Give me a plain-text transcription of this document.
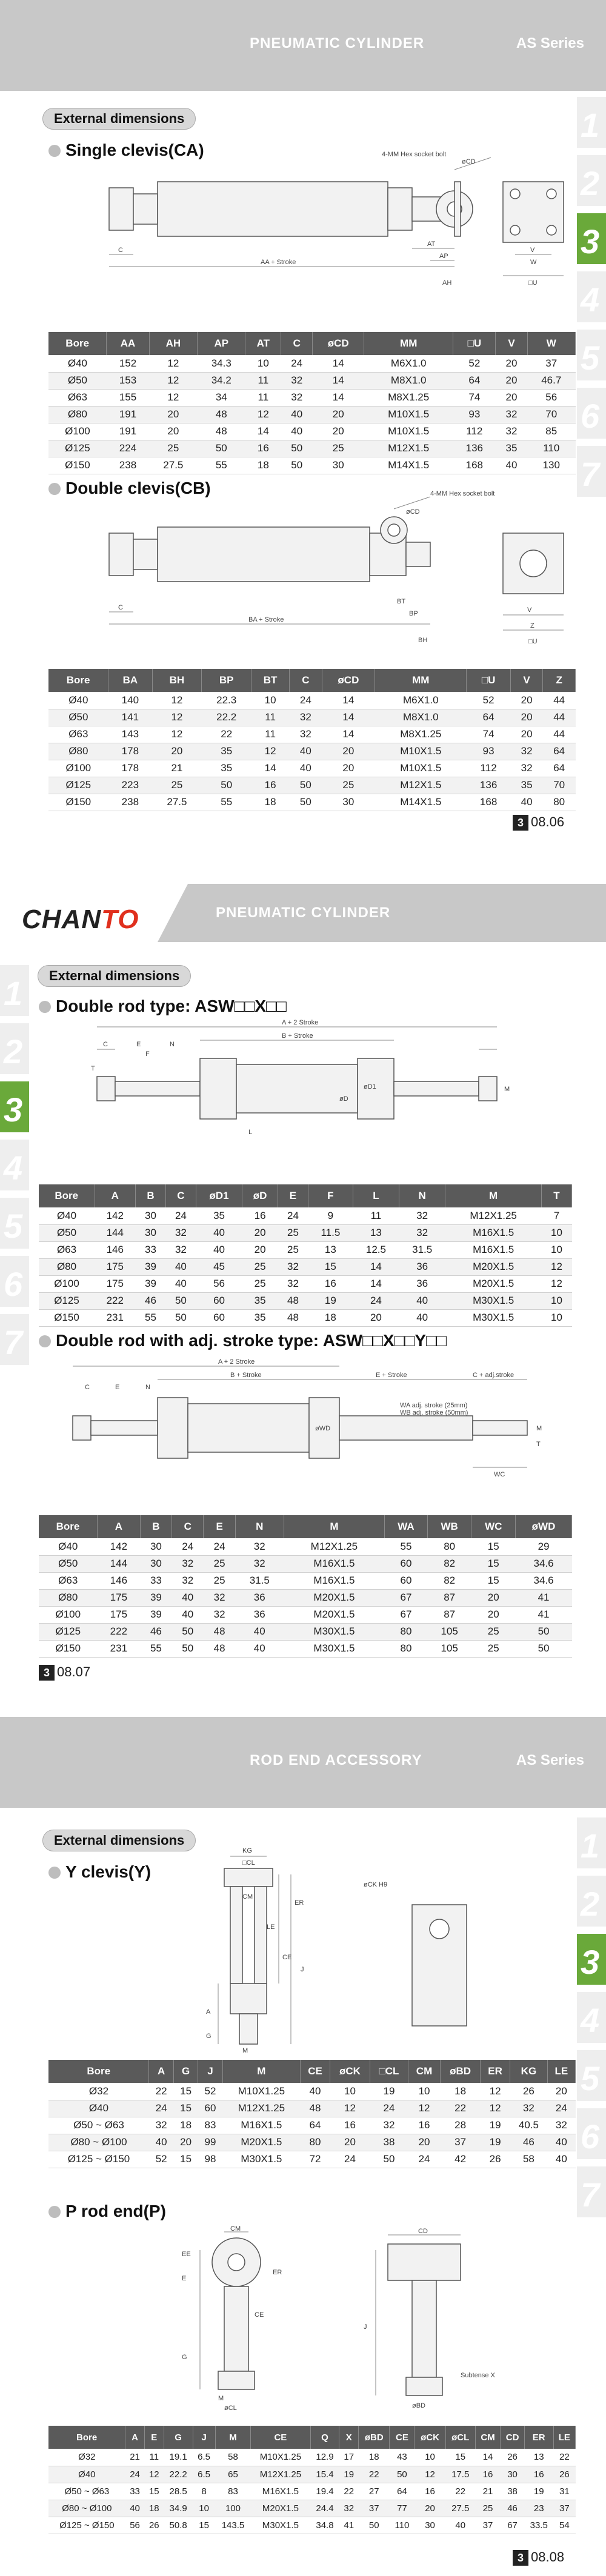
PNEUMATIC CYLINDER	AS Series
1
2
3
4
5
6
7
External dimensions
Single clevis(CA)	4-MM Hex socket bolt
øCD
C
AA + Stroke
AT
AP
AH
V
W
□U
Bore	AA	AH	AP	AT	C	øCD	MM	□U	V	W
Ø40	152	12	34.3	10	24	14	M6X1.0	52	20	37
Ø50	153	12	34.2	11	32	14	M8X1.0	64	20	46.7
Ø63	155	12	34	11	32	14	M8X1.25	74	20	56
Ø80	191	20	48	12	40	20	M10X1.5	93	32	70
Ø100	191	20	48	14	40	20	M10X1.5	112	32	85
Ø125	224	25	50	16	50	25	M12X1.5	136	35	110
Ø150	238	27.5	55	18	50	30	M14X1.5	168	40	130
Double clevis(CB)	4-MM Hex socket bolt
øCD
C
BA + Stroke
BT
BP
BH
V
Z
□U
Bore	BA	BH	BP	BT	C	øCD	MM	□U	V	Z
Ø40	140	12	22.3	10	24	14	M6X1.0	52	20	44
Ø50	141	12	22.2	11	32	14	M8X1.0	64	20	44
Ø63	143	12	22	11	32	14	M8X1.25	74	20	44
Ø80	178	20	35	12	40	20	M10X1.5	93	32	64
Ø100	178	21	35	14	40	20	M10X1.5	112	32	64
Ø125	223	25	50	16	50	25	M12X1.5	136	35	70
Ø150	238	27.5	55	18	50	30	M14X1.5	168	40	80
3 08.06
CHANTO	PNEUMATIC CYLINDER
1
2
3
4
5
6
7
External dimensions
Double rod type: ASW□□X□□
A + 2 Stroke
B + Stroke
C	E	N
F
L
T
øD1
øD
M
Bore	A	B	C	øD1	øD	E	F	L	N	M	T
Ø40	142	30	24	35	16	24	9	11	32	M12X1.25	7
Ø50	144	30	32	40	20	25	11.5	13	32	M16X1.5	10
Ø63	146	33	32	40	20	25	13	12.5	31.5	M16X1.5	10
Ø80	175	39	40	45	25	32	15	14	36	M20X1.5	12
Ø100	175	39	40	56	25	32	16	14	36	M20X1.5	12
Ø125	222	46	50	60	35	48	19	24	40	M30X1.5	10
Ø150	231	55	50	60	35	48	18	20	40	M30X1.5	10
Double rod with adj. stroke type: ASW□□X□□Y□□
A + 2 Stroke
B + Stroke	E + Stroke	C + adj.stroke
C	E	N
WA adj. stroke (25mm)
WB adj. stroke (50mm)
øWD
WC
M
T
Bore	A	B	C	E	N	M	WA	WB	WC	øWD
Ø40	142	30	24	24	32	M12X1.25	55	80	15	29
Ø50	144	30	32	25	32	M16X1.5	60	82	15	34.6
Ø63	146	33	32	25	31.5	M16X1.5	60	82	15	34.6
Ø80	175	39	40	32	36	M20X1.5	67	87	20	41
Ø100	175	39	40	32	36	M20X1.5	67	87	20	41
Ø125	222	46	50	48	40	M30X1.5	80	105	25	50
Ø150	231	55	50	48	40	M30X1.5	80	105	25	50
3 08.07
ROD END ACCESSORY	AS Series
1
2
3
4
5
6
7
External dimensions
Y clevis(Y)
KG
□CL
CM
øCK H9
ER
J
CE
LE
A
M
G
Bore	A	G	J	M	CE	øCK	□CL	CM	øBD	ER	KG	LE
Ø32	22	15	52	M10X1.25	40	10	19	10	18	12	26	20
Ø40	24	15	60	M12X1.25	48	12	24	12	22	12	32	24
Ø50 ~ Ø63	32	18	83	M16X1.5	64	16	32	16	28	19	40.5	32
Ø80 ~ Ø100	40	20	99	M20X1.5	80	20	38	20	37	19	46	40
Ø125 ~ Ø150	52	15	98	M30X1.5	72	24	50	24	42	26	58	40
P rod end(P)
CM	CD
EE
ER
E
CE
G
M
J
øCL	øBD
Subtense X
Bore	A	E	G	J	M	CE	Q	X	øBD	CE	øCK	øCL	CM	CD	ER	LE
Ø32	21	11	19.1	6.5	58	M10X1.25	12.9	17	18	43	10	15	14	26	13	22
Ø40	24	12	22.2	6.5	65	M12X1.25	15.4	19	22	50	12	17.5	16	30	16	26
Ø50 ~ Ø63	33	15	28.5	8	83	M16X1.5	19.4	22	27	64	16	22	21	38	19	31
Ø80 ~ Ø100	40	18	34.9	10	100	M20X1.5	24.4	32	37	77	20	27.5	25	46	23	37
Ø125 ~ Ø150	56	26	50.8	15	143.5	M30X1.5	34.8	41	50	110	30	40	37	67	33.5	54
3 08.08
